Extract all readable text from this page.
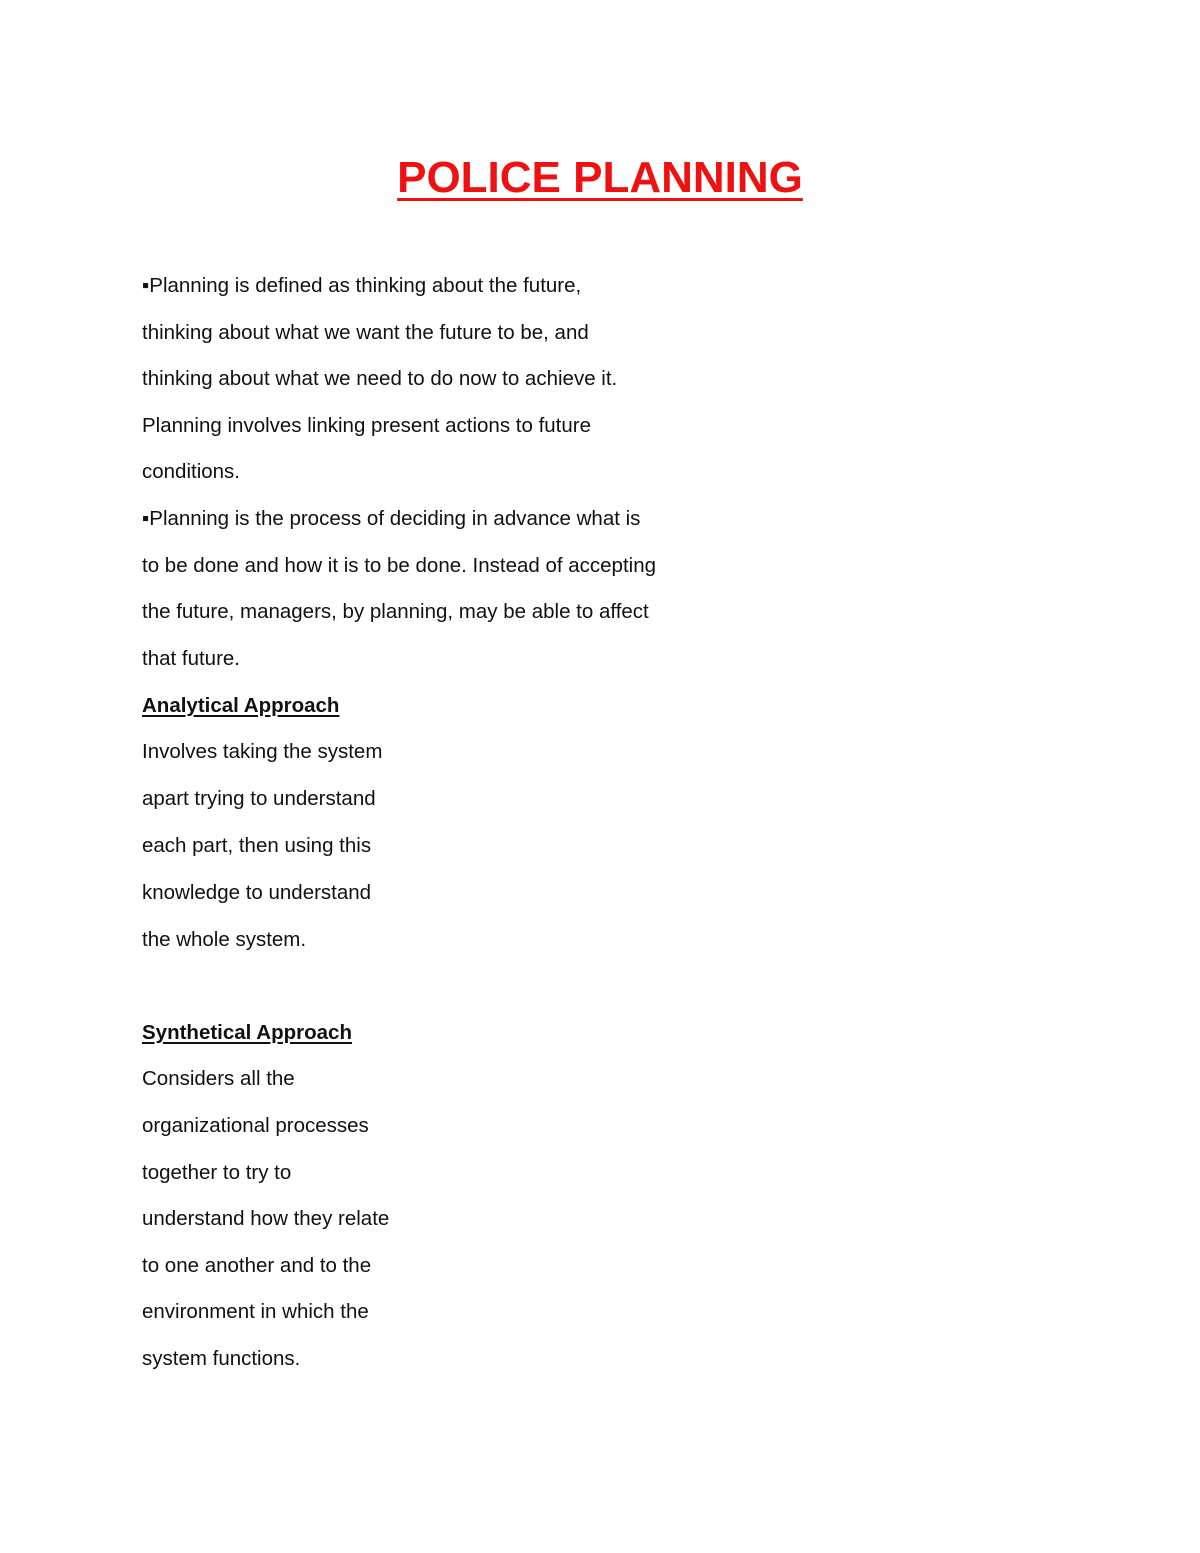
POLICE PLANNING

▪Planning is defined as thinking about the future,

thinking about what we want the future to be, and

thinking about what we need to do now to achieve it.

Planning involves linking present actions to future

conditions.

▪Planning is the process of deciding in advance what is

to be done and how it is to be done. Instead of accepting

the future, managers, by planning, may be able to affect

that future.

Analytical Approach

Involves taking the system

apart trying to understand

each part, then using this

knowledge to understand

the whole system.

Synthetical Approach

Considers all the

organizational processes

together to try to

understand how they relate

to one another and to the

environment in which the

system functions.
